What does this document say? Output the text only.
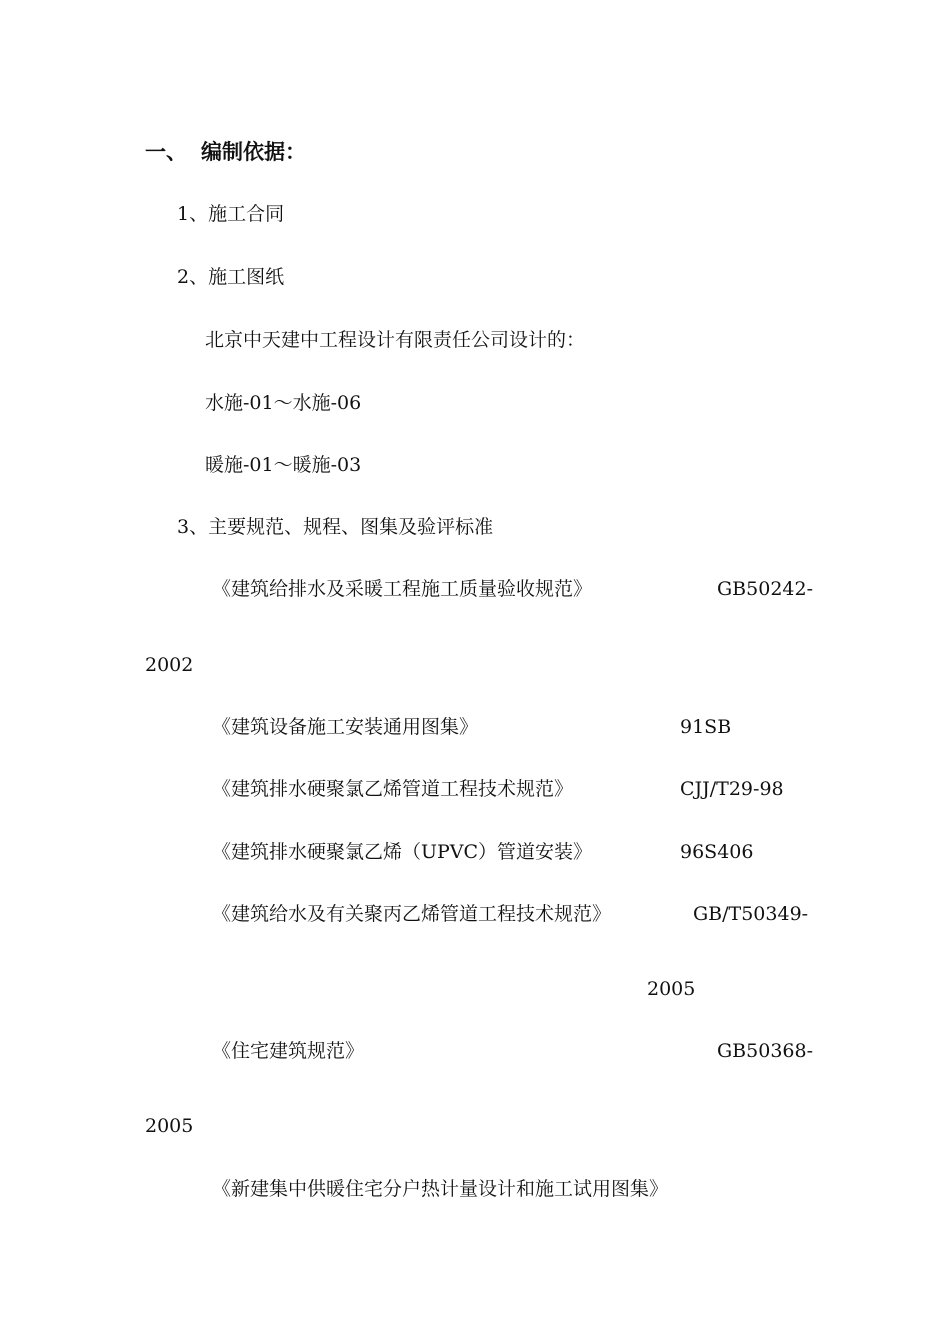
一、 编制依据：
1、施工合同
2、施工图纸
北京中天建中工程设计有限责任公司设计的：
水施-01～水施-06
暖施-01～暖施-03
3、主要规范、规程、图集及验评标准
《建筑给排水及采暖工程施工质量验收规范》	GB50242-
2002
《建筑设备施工安装通用图集》	91SB
《建筑排水硬聚氯乙烯管道工程技术规范》	CJJ/T29-98
《建筑排水硬聚氯乙烯（UPVC）管道安装》	96S406
《建筑给水及有关聚丙乙烯管道工程技术规范》	GB/T50349-
2005
《住宅建筑规范》	GB50368-
2005
《新建集中供暖住宅分户热计量设计和施工试用图集》
